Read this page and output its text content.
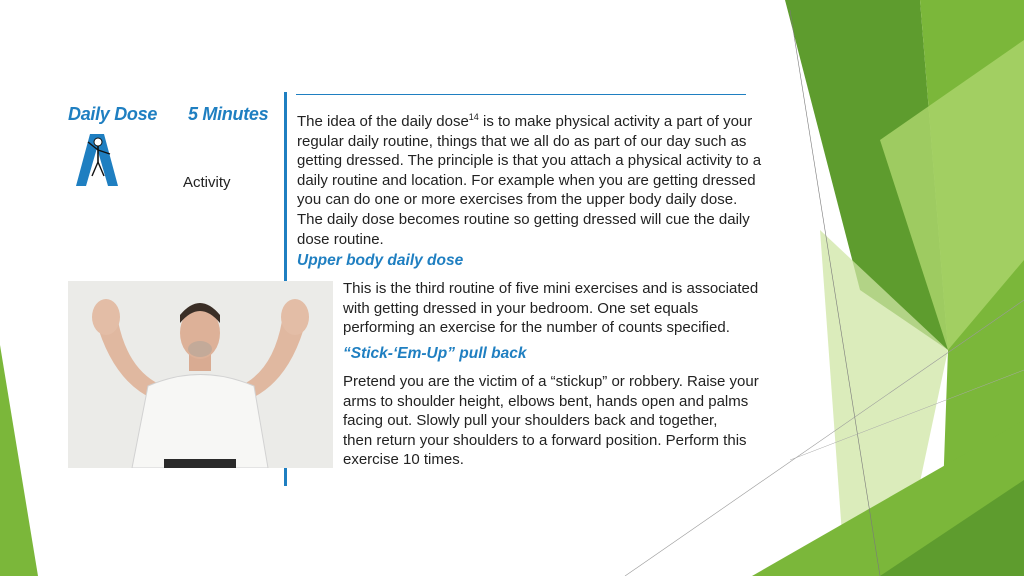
Daily Dose 5 Minutes
Activity
The idea of the daily dose$^{14}$ is to make physical activity a part of your
regular daily routine, things that we all do as part of our day such as
getting dressed. The principle is that you attach a physical activity to a
daily routine and location. For example when you are getting dressed
you can do one or more exercises from the upper body daily dose.
The daily dose becomes routine so getting dressed will cue the daily
dose routine.
Upper body daily dose
This is the third routine of five mini exercises and is associated
with getting dressed in your bedroom. One set equals
performing an exercise for the number of counts specified.
“Stick-‘Em-Up” pull back
Pretend you are the victim of a “stickup” or robbery. Raise your
arms to shoulder height, elbows bent, hands open and palms
facing out. Slowly pull your shoulders back and together,
then return your shoulders to a forward position. Perform this
exercise 10 times.
